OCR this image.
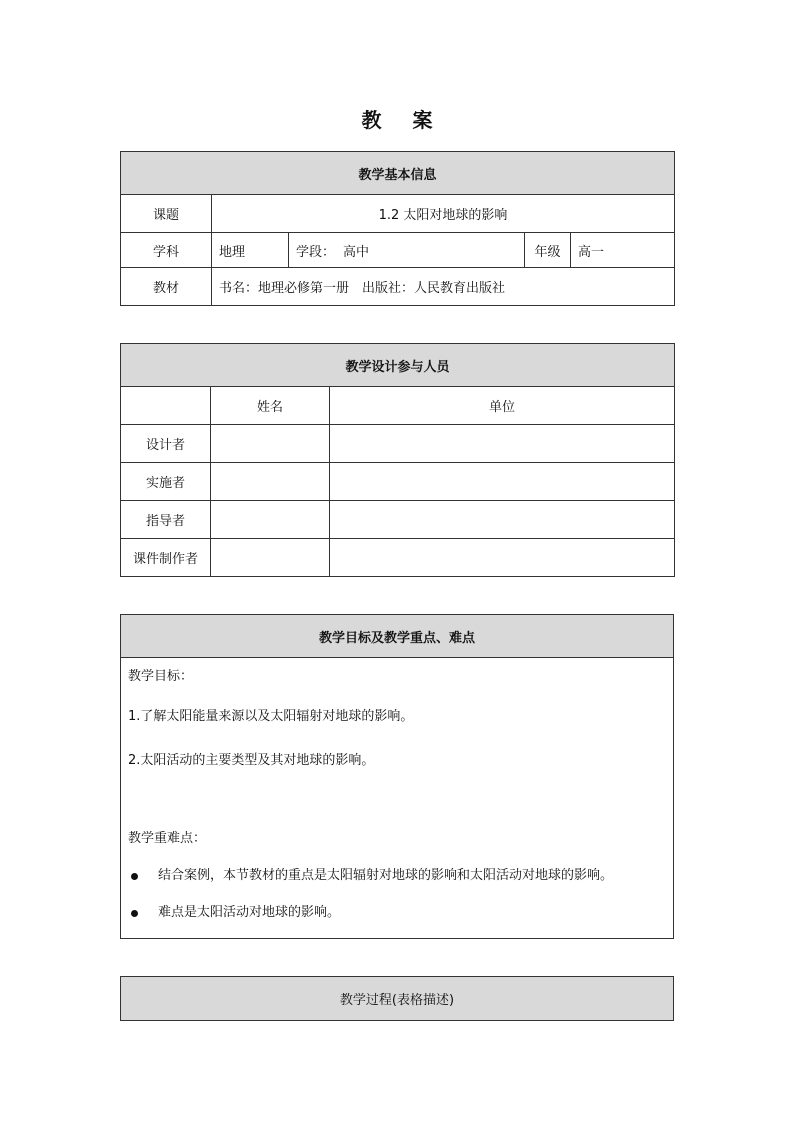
教 案
教学基本信息				
课题	1.2 太阳对地球的影响			
学科	地理	学段： 高中	年级	高一
教材	书名：地理必修第一册　出版社：人民教育出版社			
教学设计参与人员		
	姓名	单位
设计者		
实施者		
指导者		
课件制作者		
教学目标及教学重点、难点

教学目标：

1.了解太阳能量来源以及太阳辐射对地球的影响。

2.太阳活动的主要类型及其对地球的影响。

教学重难点：

结合案例，本节教材的重点是太阳辐射对地球的影响和太阳活动对地球的影响。
难点是太阳活动对地球的影响。
教学过程(表格描述)
